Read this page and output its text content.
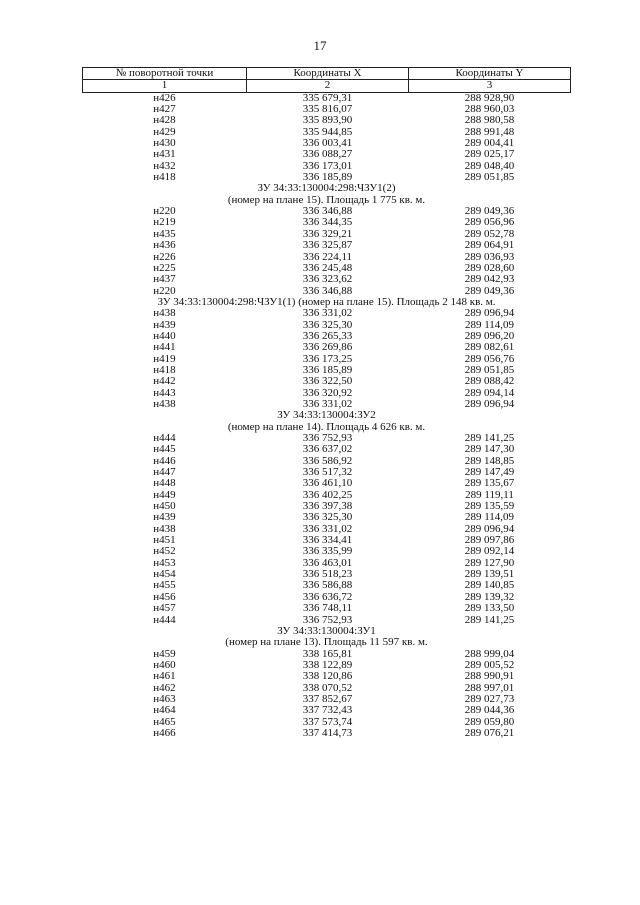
17
№ поворотной точки	Координаты X	Координаты Y
1	2	3
н426	335 679,31	288 928,90
н427	335 816,07	288 960,03
н428	335 893,90	288 980,58
н429	335 944,85	288 991,48
н430	336 003,41	289 004,41
н431	336 088,27	289 025,17
н432	336 173,01	289 048,40
н418	336 185,89	289 051,85
ЗУ 34:33:130004:298:ЧЗУ1(2)		
(номер на плане 15). Площадь 1 775 кв. м.		
н220	336 346,88	289 049,36
н219	336 344,35	289 056,96
н435	336 329,21	289 052,78
н436	336 325,87	289 064,91
н226	336 224,11	289 036,93
н225	336 245,48	289 028,60
н437	336 323,62	289 042,93
н220	336 346,88	289 049,36
ЗУ 34:33:130004:298:ЧЗУ1(1) (номер на плане 15). Площадь 2 148 кв. м.		
н438	336 331,02	289 096,94
н439	336 325,30	289 114,09
н440	336 265,33	289 096,20
н441	336 269,86	289 082,61
н419	336 173,25	289 056,76
н418	336 185,89	289 051,85
н442	336 322,50	289 088,42
н443	336 320,92	289 094,14
н438	336 331,02	289 096,94
ЗУ 34:33:130004:ЗУ2		
(номер на плане 14). Площадь 4 626 кв. м.		
н444	336 752,93	289 141,25
н445	336 637,02	289 147,30
н446	336 586,92	289 148,85
н447	336 517,32	289 147,49
н448	336 461,10	289 135,67
н449	336 402,25	289 119,11
н450	336 397,38	289 135,59
н439	336 325,30	289 114,09
н438	336 331,02	289 096,94
н451	336 334,41	289 097,86
н452	336 335,99	289 092,14
н453	336 463,01	289 127,90
н454	336 518,23	289 139,51
н455	336 586,88	289 140,85
н456	336 636,72	289 139,32
н457	336 748,11	289 133,50
н444	336 752,93	289 141,25
ЗУ 34:33:130004:ЗУ1		
(номер на плане 13). Площадь 11 597 кв. м.		
н459	338 165,81	288 999,04
н460	338 122,89	289 005,52
н461	338 120,86	288 990,91
н462	338 070,52	288 997,01
н463	337 852,67	289 027,73
н464	337 732,43	289 044,36
н465	337 573,74	289 059,80
н466	337 414,73	289 076,21
